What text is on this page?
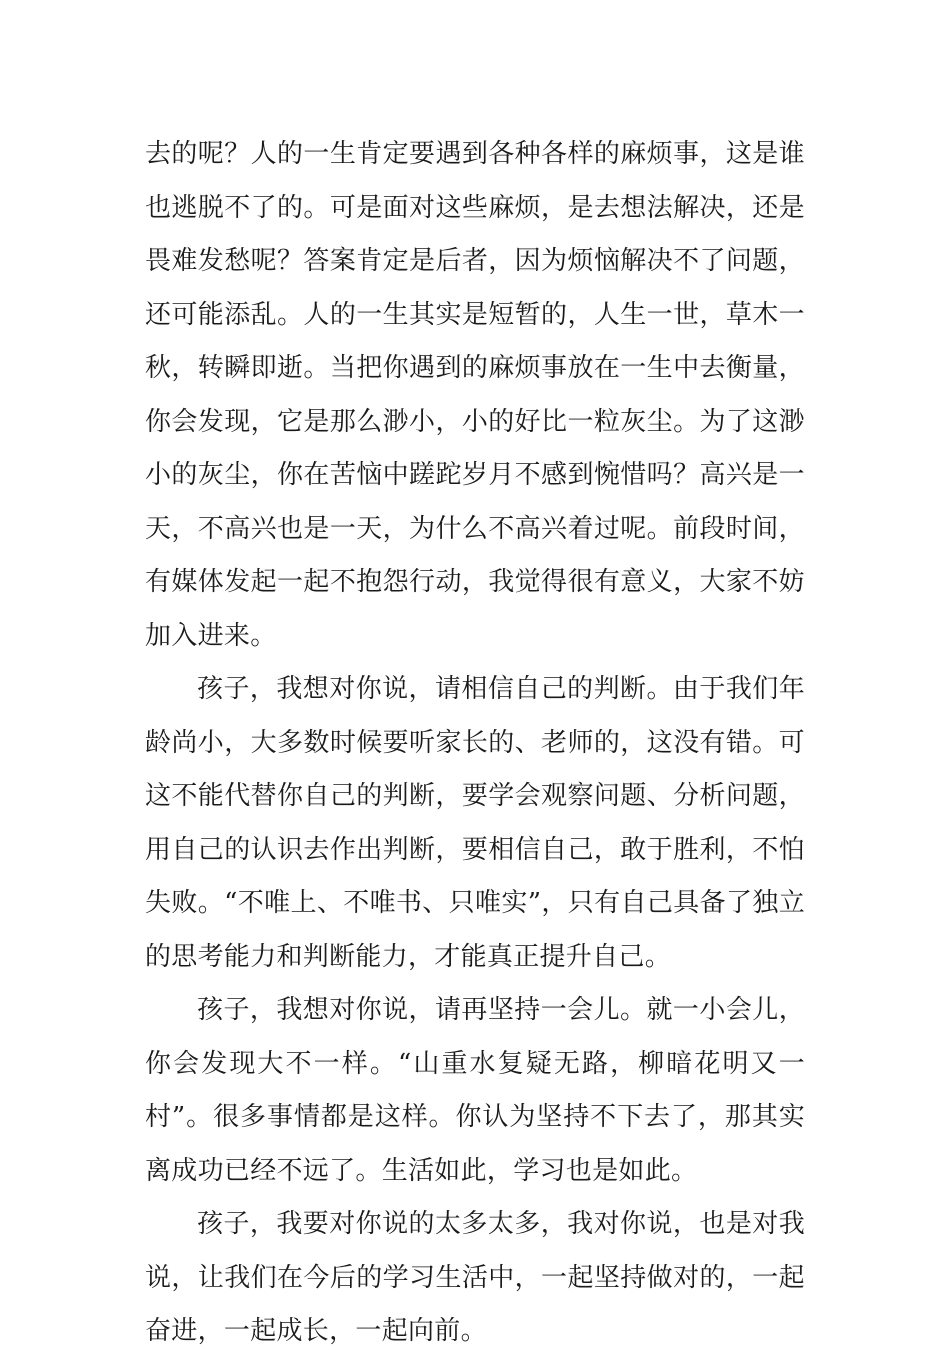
去的呢？人的一生肯定要遇到各种各样的麻烦事，这是谁也逃脱不了的。可是面对这些麻烦，是去想法解决，还是畏难发愁呢？答案肯定是后者，因为烦恼解决不了问题，还可能添乱。人的一生其实是短暂的，人生一世，草木一秋，转瞬即逝。当把你遇到的麻烦事放在一生中去衡量，你会发现，它是那么渺小，小的好比一粒灰尘。为了这渺小的灰尘，你在苦恼中蹉跎岁月不感到惋惜吗？高兴是一天，不高兴也是一天，为什么不高兴着过呢。前段时间，有媒体发起一起不抱怨行动，我觉得很有意义，大家不妨加入进来。

孩子，我想对你说，请相信自己的判断。由于我们年龄尚小，大多数时候要听家长的、老师的，这没有错。可这不能代替你自己的判断，要学会观察问题、分析问题，用自己的认识去作出判断，要相信自己，敢于胜利，不怕失败。“不唯上、不唯书、只唯实”，只有自己具备了独立的思考能力和判断能力，才能真正提升自己。

孩子，我想对你说，请再坚持一会儿。就一小会儿，你会发现大不一样。“山重水复疑无路，柳暗花明又一村”。很多事情都是这样。你认为坚持不下去了，那其实离成功已经不远了。生活如此，学习也是如此。

孩子，我要对你说的太多太多，我对你说，也是对我说，让我们在今后的学习生活中，一起坚持做对的，一起奋进，一起成长，一起向前。
